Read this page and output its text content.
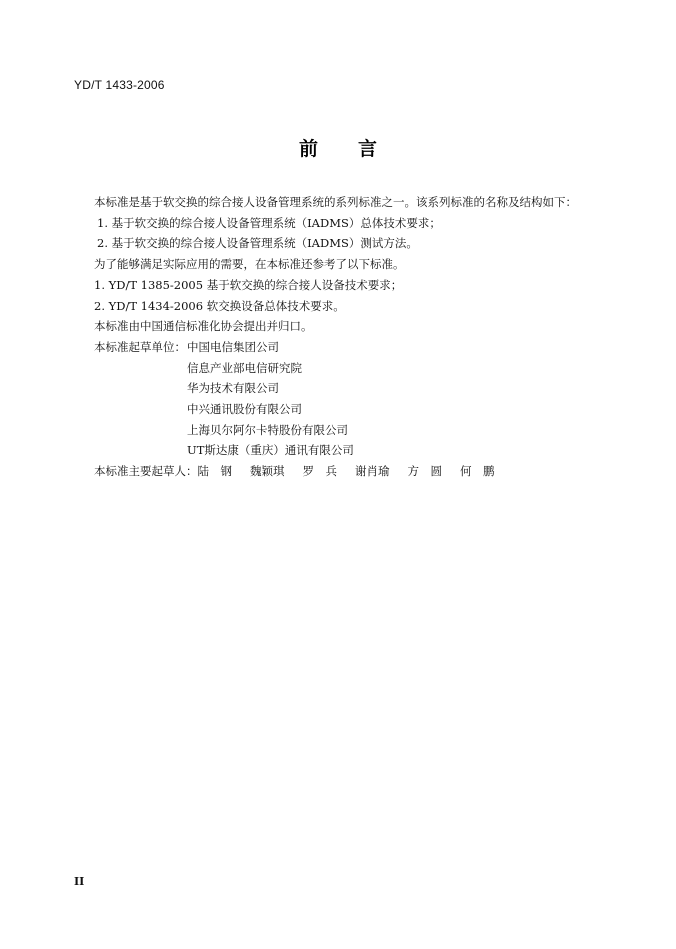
YD/T 1433-2006
前 言
本标准是基于软交换的综合接人设备管理系统的系列标准之一。该系列标准的名称及结构如下：
1. 基于软交换的综合接人设备管理系统（IADMS）总体技术要求；
2. 基于软交换的综合接人设备管理系统（IADMS）测试方法。
为了能够满足实际应用的需要，在本标准还参考了以下标准。
1. YD/T 1385-2005 基于软交换的综合接人设备技术要求；
2. YD/T 1434-2006 软交换设备总体技术要求。
本标准由中国通信标准化协会提出并归口。
本标准起草单位： 中国电信集团公司
信息产业部电信研究院
华为技术有限公司
中兴通讯股份有限公司
上海贝尔阿尔卡特股份有限公司
UT斯达康（重庆）通讯有限公司
本标准主要起草人： 陆　钢 魏颖琪 罗　兵 谢肖瑜 方　圆 何　鹏
II
